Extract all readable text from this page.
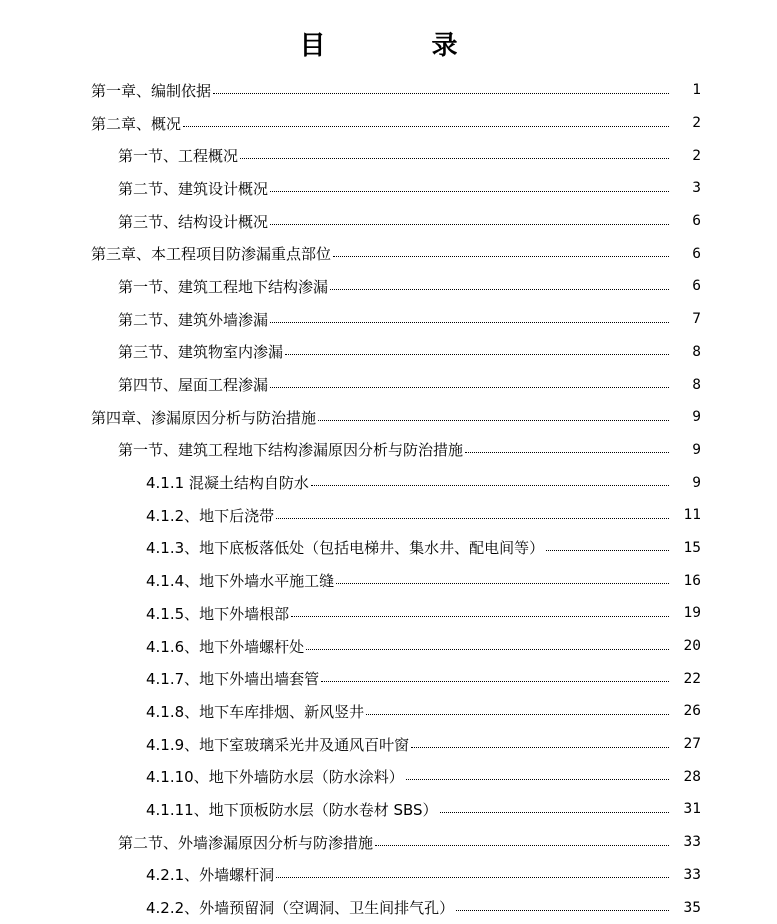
目　录
第一章、编制依据	1
第二章、概况	2
第一节、工程概况	2
第二节、建筑设计概况	3
第三节、结构设计概况	6
第三章、本工程项目防渗漏重点部位	6
第一节、建筑工程地下结构渗漏	6
第二节、建筑外墙渗漏	7
第三节、建筑物室内渗漏	8
第四节、屋面工程渗漏	8
第四章、渗漏原因分析与防治措施	9
第一节、建筑工程地下结构渗漏原因分析与防治措施	9
4.1.1 混凝土结构自防水	9
4.1.2、地下后浇带	11
4.1.3、地下底板落低处（包括电梯井、集水井、配电间等）	15
4.1.4、地下外墙水平施工缝	16
4.1.5、地下外墙根部	19
4.1.6、地下外墙螺杆处	20
4.1.7、地下外墙出墙套管	22
4.1.8、地下车库排烟、新风竖井	26
4.1.9、地下室玻璃采光井及通风百叶窗	27
4.1.10、地下外墙防水层（防水涂料）	28
4.1.11、地下顶板防水层（防水卷材 SBS）	31
第二节、外墙渗漏原因分析与防渗措施	33
4.2.1、外墙螺杆洞	33
4.2.2、外墙预留洞（空调洞、卫生间排气孔）	35
